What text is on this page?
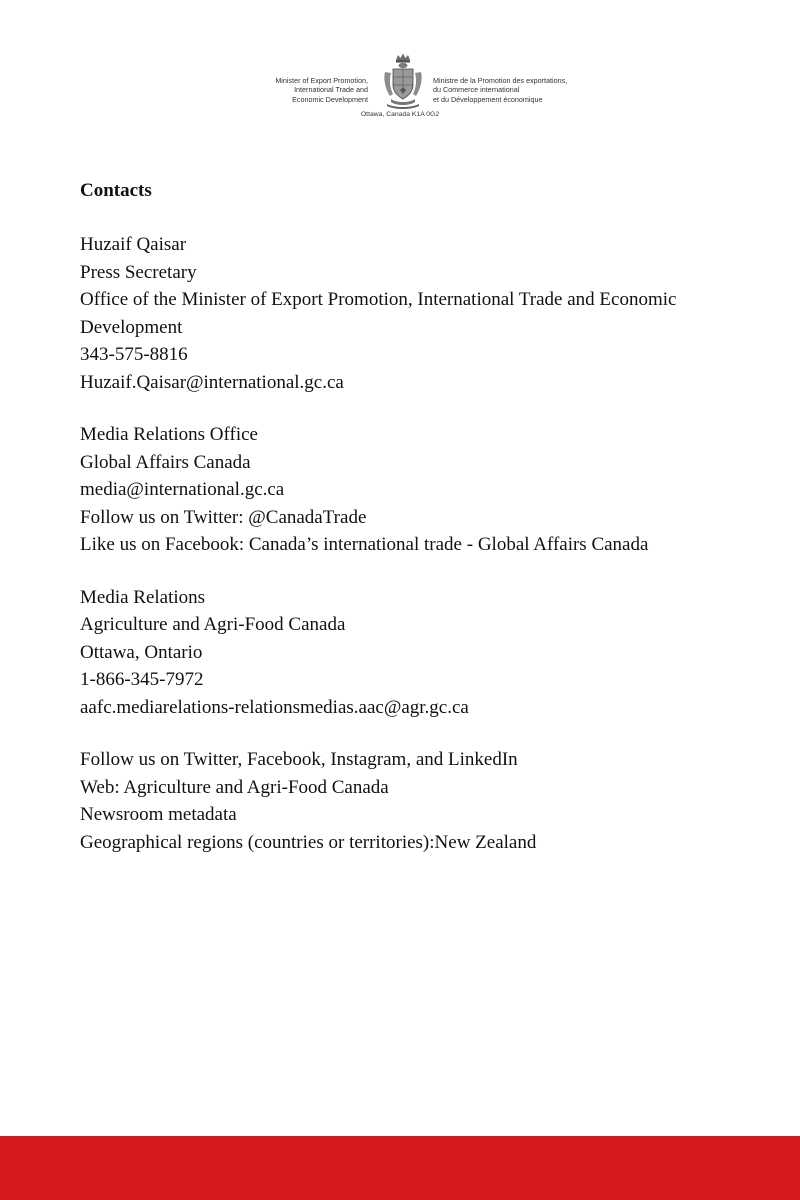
Minister of Export Promotion,
International Trade and
Economic Development
Ministre de la Promotion des exportations,
du Commerce international
et du Développement économique
Ottawa, Canada K1A 0G2
Contacts
Huzaif Qaisar
Press Secretary
Office of the Minister of Export Promotion, International Trade and Economic Development
343-575-8816
Huzaif.Qaisar@international.gc.ca
Media Relations Office
Global Affairs Canada
media@international.gc.ca
Follow us on Twitter: @CanadaTrade
Like us on Facebook: Canada’s international trade - Global Affairs Canada
Media Relations
Agriculture and Agri-Food Canada
Ottawa, Ontario
1-866-345-7972
aafc.mediarelations-relationsmedias.aac@agr.gc.ca
Follow us on Twitter, Facebook, Instagram, and LinkedIn
Web: Agriculture and Agri-Food Canada
Newsroom metadata
Geographical regions (countries or territories):New Zealand
